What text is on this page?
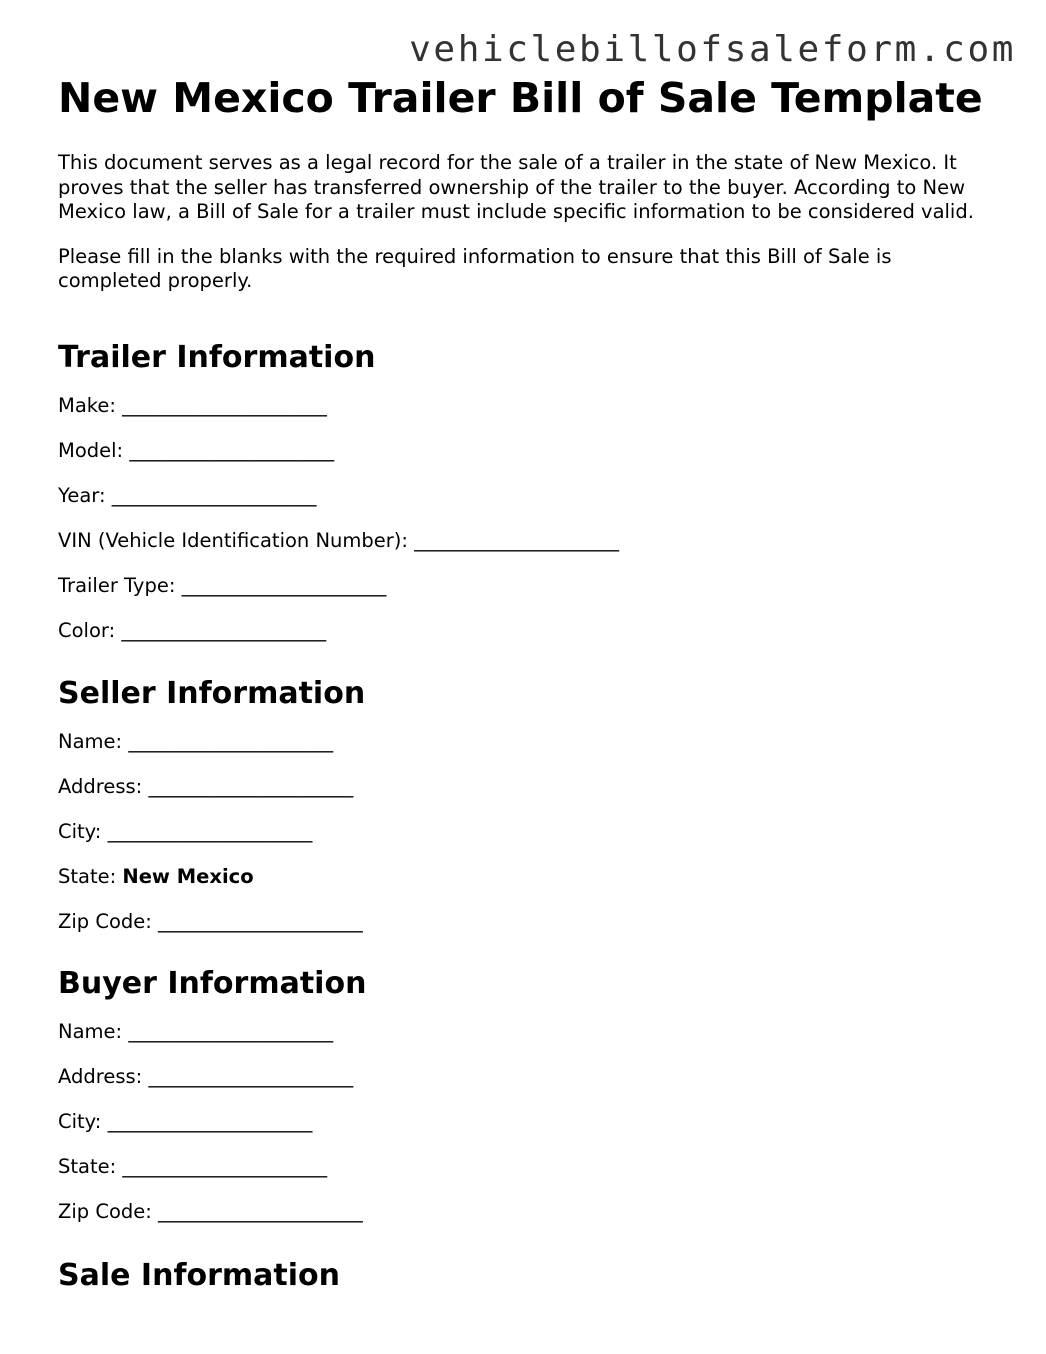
vehiclebillofsaleform.com
New Mexico Trailer Bill of Sale Template

This document serves as a legal record for the sale of a trailer in the state of New Mexico. It proves that the seller has transferred ownership of the trailer to the buyer. According to New Mexico law, a Bill of Sale for a trailer must include specific information to be considered valid.

Please fill in the blanks with the required information to ensure that this Bill of Sale is completed properly.

Trailer Information
Make: _____________________
Model: _____________________
Year: _____________________
VIN (Vehicle Identification Number): _____________________
Trailer Type: _____________________
Color: _____________________
Seller Information
Name: _____________________
Address: _____________________
City: _____________________
State: New Mexico
Zip Code: _____________________
Buyer Information
Name: _____________________
Address: _____________________
City: _____________________
State: _____________________
Zip Code: _____________________
Sale Information
